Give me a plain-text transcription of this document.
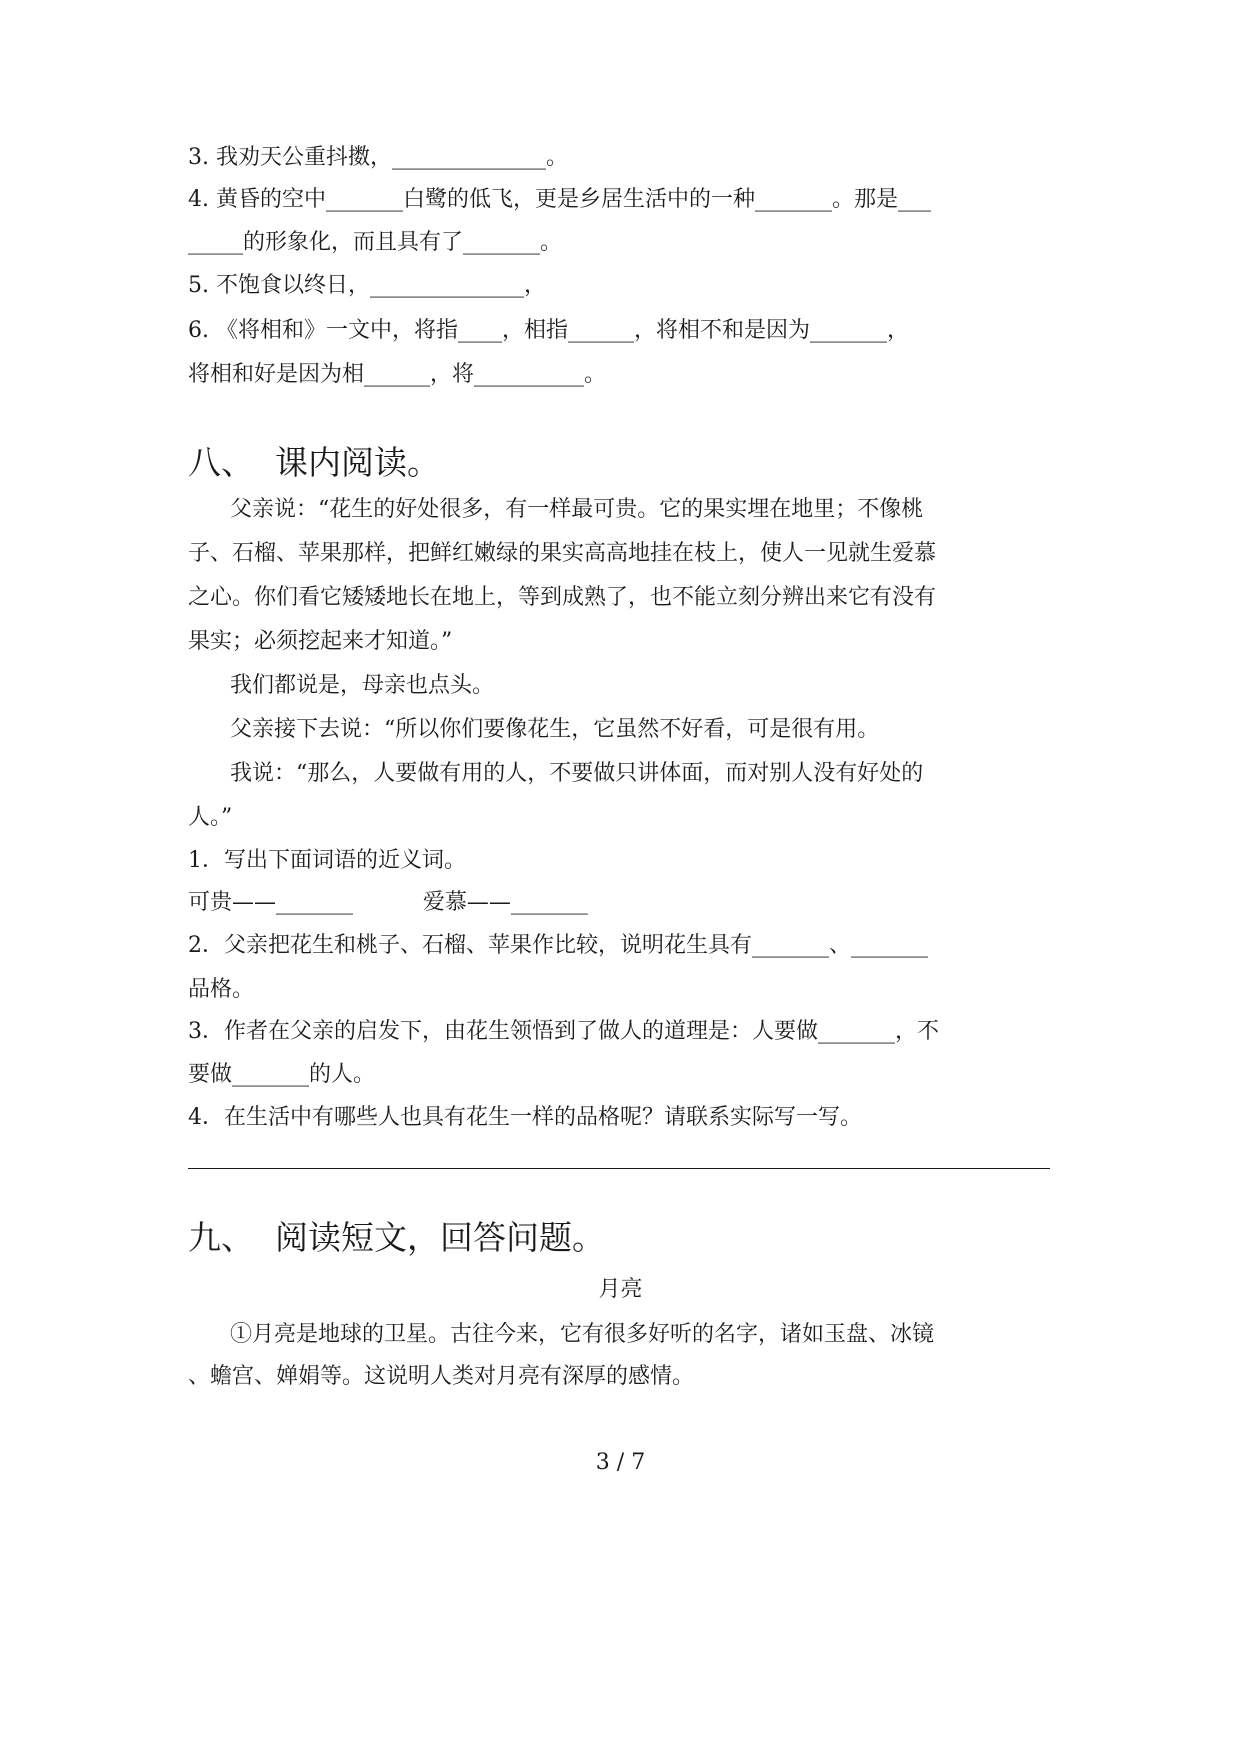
3. 我劝天公重抖擞，______________。
4. 黄昏的空中_______白鹭的低飞，更是乡居生活中的一种_______。那是___
_____的形象化，而且具有了_______。
5. 不饱食以终日，______________，
6. 《将相和》一文中，将指____，相指______，将相不和是因为_______，
将相和好是因为相______，将__________。
八、  课内阅读。
父亲说：“花生的好处很多，有一样最可贵。它的果实埋在地里；不像桃
子、石榴、苹果那样，把鲜红嫩绿的果实高高地挂在枝上，使人一见就生爱慕
之心。你们看它矮矮地长在地上，等到成熟了，也不能立刻分辨出来它有没有
果实；必须挖起来才知道。”
我们都说是，母亲也点头。
父亲接下去说：“所以你们要像花生，它虽然不好看，可是很有用。
我说：“那么，人要做有用的人，不要做只讲体面，而对别人没有好处的
人。”
1．写出下面词语的近义词。
可贵——_______          爱慕——_______
2．父亲把花生和桃子、石榴、苹果作比较，说明花生具有_______、_______
品格。
3．作者在父亲的启发下，由花生领悟到了做人的道理是：人要做_______，不
要做_______的人。
4．在生活中有哪些人也具有花生一样的品格呢？请联系实际写一写。
九、  阅读短文，回答问题。
月亮
①月亮是地球的卫星。古往今来，它有很多好听的名字，诸如玉盘、冰镜
、蟾宫、婵娟等。这说明人类对月亮有深厚的感情。
3 / 7
